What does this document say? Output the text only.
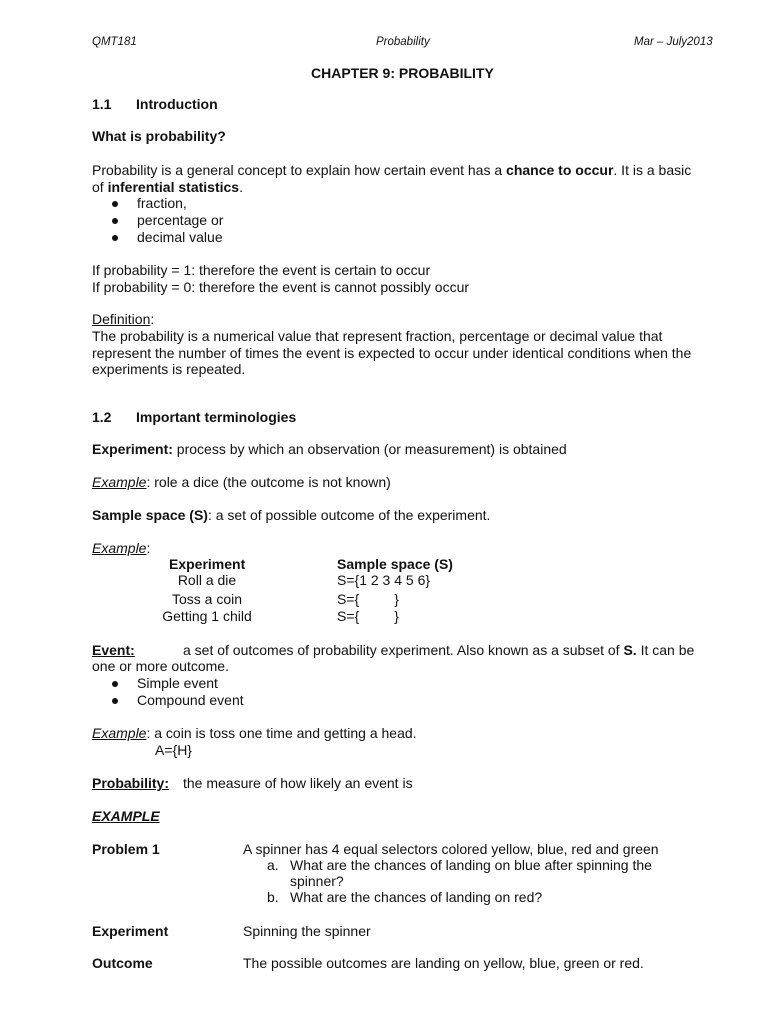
QMT181	Probability	Mar – July2013
CHAPTER 9: PROBABILITY
1.1 Introduction
What is probability?
Probability is a general concept to explain how certain event has a chance to occur. It is a basic
of inferential statistics.
fraction,
percentage or
decimal value
If probability = 1: therefore the event is certain to occur
If probability = 0: therefore the event is cannot possibly occur
Definition:
The probability is a numerical value that represent fraction, percentage or decimal value that
represent the number of times the event is expected to occur under identical conditions when the
experiments is repeated.
1.2 Important terminologies
Experiment: process by which an observation (or measurement) is obtained
Example: role a dice (the outcome is not known)
Sample space (S): a set of possible outcome of the experiment.
Example:
Experiment	Sample space (S)
Roll a die	S={1 2 3 4 5 6}
Toss a coin	S={         }
Getting 1 child	S={         }
Event:	a set of outcomes of probability experiment. Also known as a subset of S. It can be
one or more outcome.
Simple event
Compound event
Example: a coin is toss one time and getting a head.
A={H}
Probability: the measure of how likely an event is
EXAMPLE
Problem 1	A spinner has 4 equal selectors colored yellow, blue, red and green
a. What are the chances of landing on blue after spinning the
spinner?
b. What are the chances of landing on red?
Experiment	Spinning the spinner
Outcome	The possible outcomes are landing on yellow, blue, green or red.
